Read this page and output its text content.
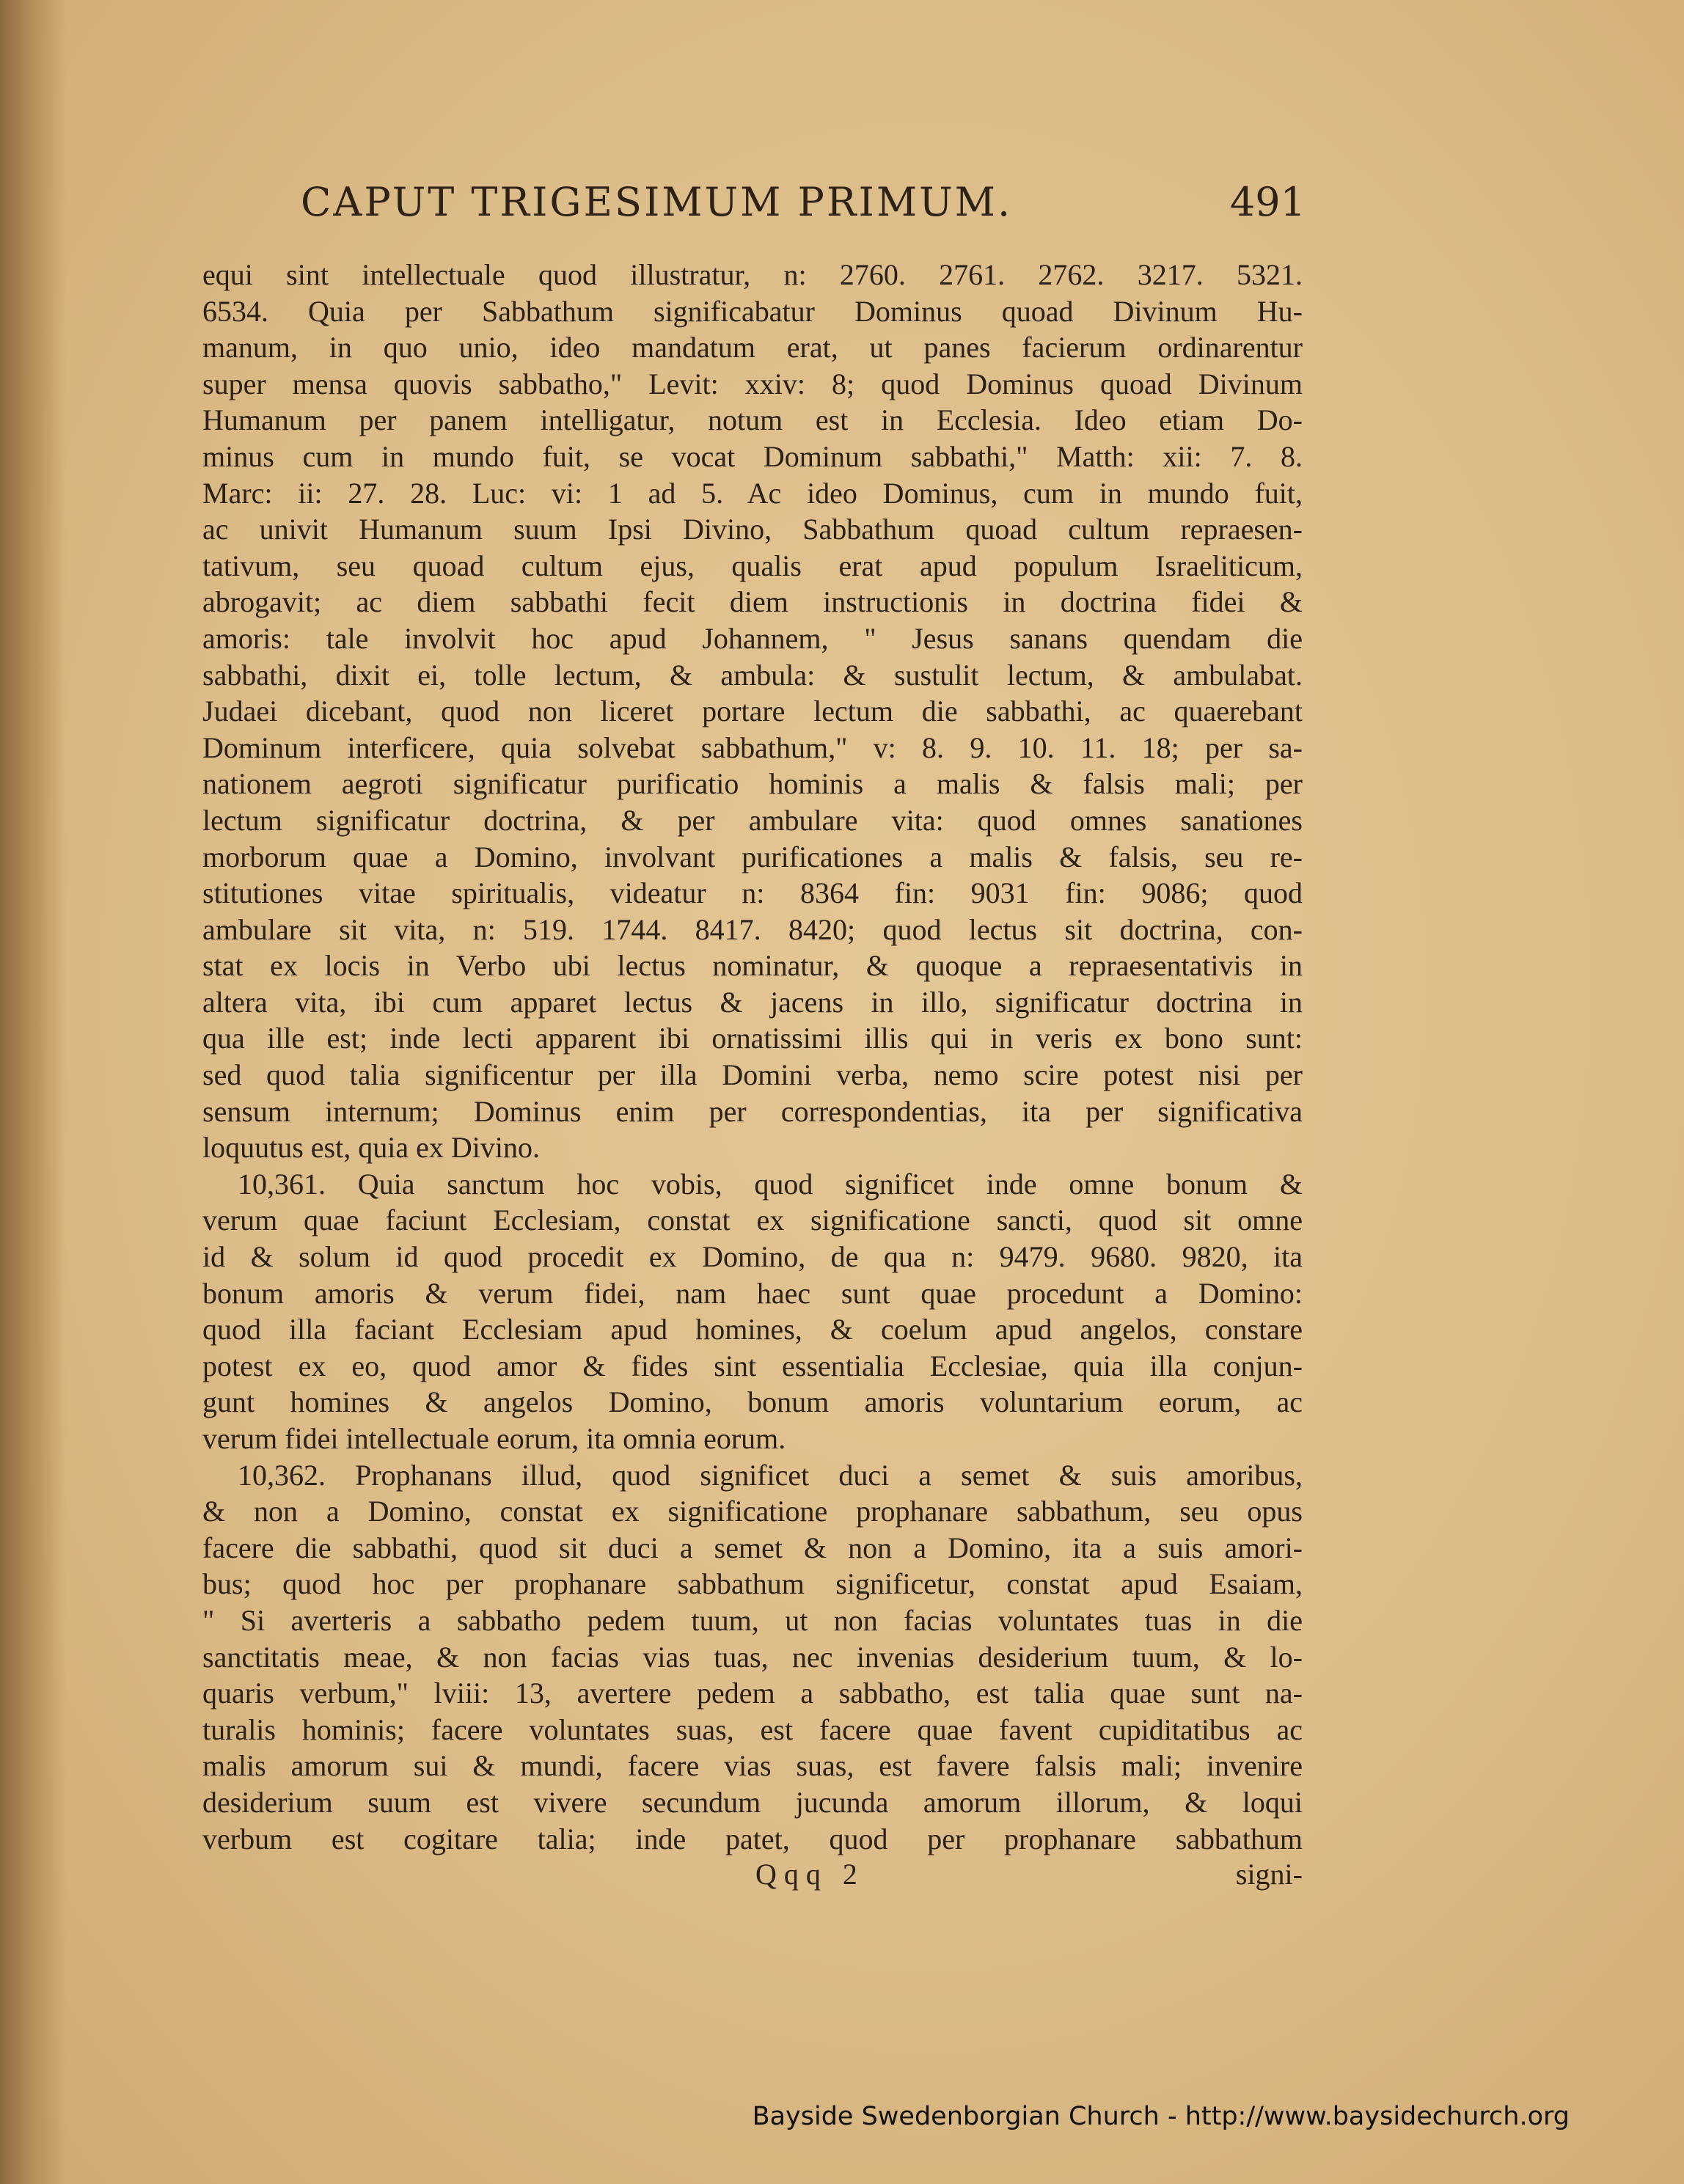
CAPUT TRIGESIMUM PRIMUM.	491
equi sint intellectuale quod illustratur, n: 2760. 2761. 2762. 3217. 5321.
6534. Quia per Sabbathum significabatur Dominus quoad Divinum Hu-
manum, in quo unio, ideo mandatum erat, ut panes facierum ordinarentur
super mensa quovis sabbatho," Levit: xxiv: 8; quod Dominus quoad Divinum
Humanum per panem intelligatur, notum est in Ecclesia. Ideo etiam Do-
minus cum in mundo fuit, se vocat Dominum sabbathi," Matth: xii: 7. 8.
Marc: ii: 27. 28. Luc: vi: 1 ad 5. Ac ideo Dominus, cum in mundo fuit,
ac univit Humanum suum Ipsi Divino, Sabbathum quoad cultum repraesen-
tativum, seu quoad cultum ejus, qualis erat apud populum Israeliticum,
abrogavit; ac diem sabbathi fecit diem instructionis in doctrina fidei &
amoris: tale involvit hoc apud Johannem, " Jesus sanans quendam die
sabbathi, dixit ei, tolle lectum, & ambula: & sustulit lectum, & ambulabat.
Judaei dicebant, quod non liceret portare lectum die sabbathi, ac quaerebant
Dominum interficere, quia solvebat sabbathum," v: 8. 9. 10. 11. 18; per sa-
nationem aegroti significatur purificatio hominis a malis & falsis mali; per
lectum significatur doctrina, & per ambulare vita: quod omnes sanationes
morborum quae a Domino, involvant purificationes a malis & falsis, seu re-
stitutiones vitae spiritualis, videatur n: 8364 fin: 9031 fin: 9086; quod
ambulare sit vita, n: 519. 1744. 8417. 8420; quod lectus sit doctrina, con-
stat ex locis in Verbo ubi lectus nominatur, & quoque a repraesentativis in
altera vita, ibi cum apparet lectus & jacens in illo, significatur doctrina in
qua ille est; inde lecti apparent ibi ornatissimi illis qui in veris ex bono sunt:
sed quod talia significentur per illa Domini verba, nemo scire potest nisi per
sensum internum; Dominus enim per correspondentias, ita per significativa
loquutus est, quia ex Divino.
10,361. Quia sanctum hoc vobis, quod significet inde omne bonum &
verum quae faciunt Ecclesiam, constat ex significatione sancti, quod sit omne
id & solum id quod procedit ex Domino, de qua n: 9479. 9680. 9820, ita
bonum amoris & verum fidei, nam haec sunt quae procedunt a Domino:
quod illa faciant Ecclesiam apud homines, & coelum apud angelos, constare
potest ex eo, quod amor & fides sint essentialia Ecclesiae, quia illa conjun-
gunt homines & angelos Domino, bonum amoris voluntarium eorum, ac
verum fidei intellectuale eorum, ita omnia eorum.
10,362. Prophanans illud, quod significet duci a semet & suis amoribus,
& non a Domino, constat ex significatione prophanare sabbathum, seu opus
facere die sabbathi, quod sit duci a semet & non a Domino, ita a suis amori-
bus; quod hoc per prophanare sabbathum significetur, constat apud Esaiam,
" Si averteris a sabbatho pedem tuum, ut non facias voluntates tuas in die
sanctitatis meae, & non facias vias tuas, nec invenias desiderium tuum, & lo-
quaris verbum," lviii: 13, avertere pedem a sabbatho, est talia quae sunt na-
turalis hominis; facere voluntates suas, est facere quae favent cupiditatibus ac
malis amorum sui & mundi, facere vias suas, est favere falsis mali; invenire
desiderium suum est vivere secundum jucunda amorum illorum, & loqui
verbum est cogitare talia; inde patet, quod per prophanare sabbathum
Qqq 2	signi-
Bayside Swedenborgian Church - http://www.baysidechurch.org
